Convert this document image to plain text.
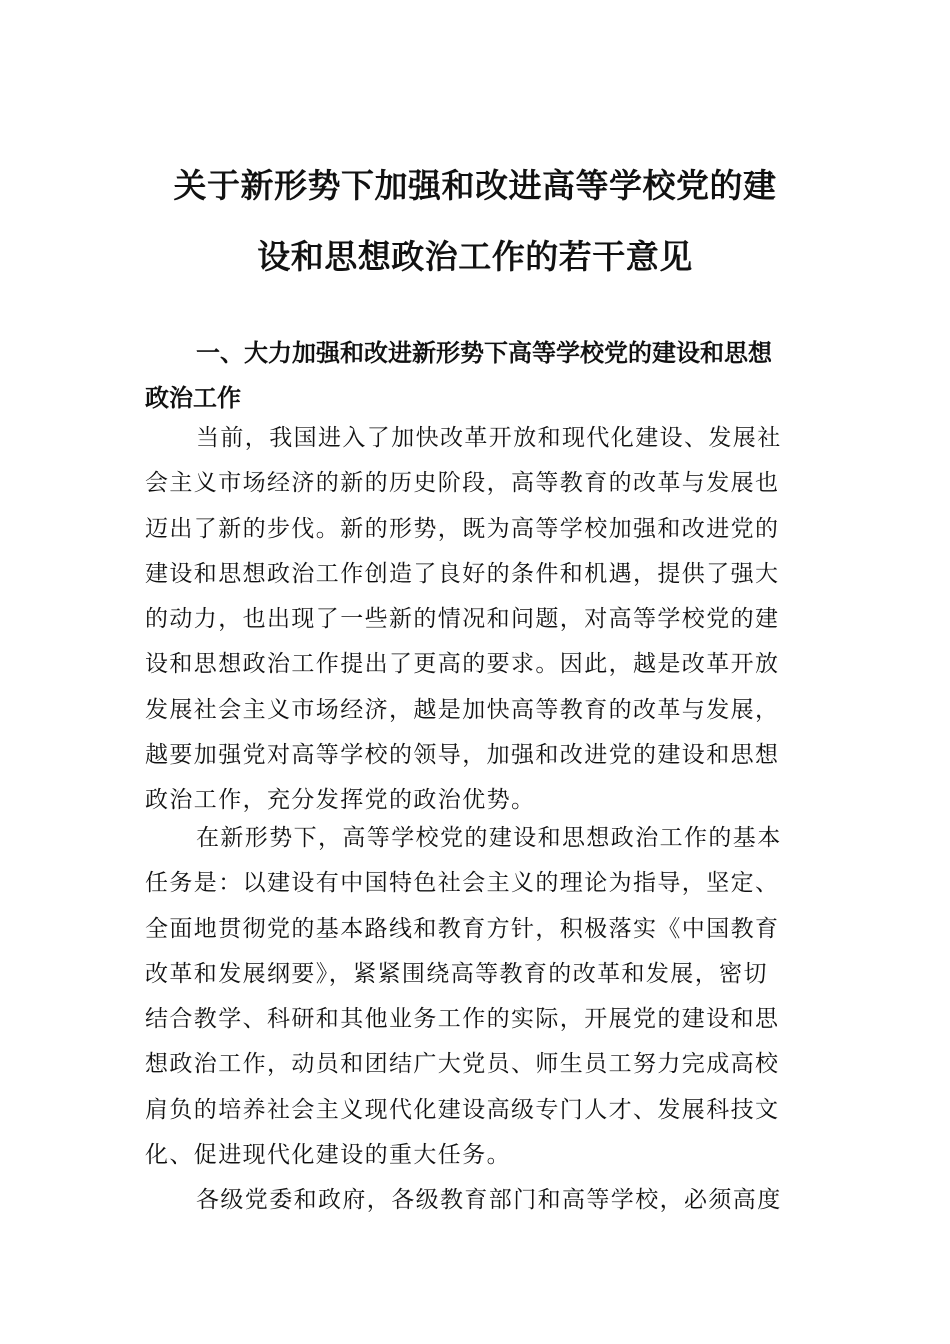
关于新形势下加强和改进高等学校党的建
设和思想政治工作的若干意见
一、大力加强和改进新形势下高等学校党的建设和思想
政治工作
当前，我国进入了加快改革开放和现代化建设、发展社
会主义市场经济的新的历史阶段，高等教育的改革与发展也
迈出了新的步伐。新的形势，既为高等学校加强和改进党的
建设和思想政治工作创造了良好的条件和机遇，提供了强大
的动力，也出现了一些新的情况和问题，对高等学校党的建
设和思想政治工作提出了更高的要求。因此，越是改革开放
发展社会主义市场经济，越是加快高等教育的改革与发展，
越要加强党对高等学校的领导，加强和改进党的建设和思想
政治工作，充分发挥党的政治优势。
在新形势下，高等学校党的建设和思想政治工作的基本
任务是：以建设有中国特色社会主义的理论为指导，坚定、
全面地贯彻党的基本路线和教育方针，积极落实《中国教育
改革和发展纲要》，紧紧围绕高等教育的改革和发展，密切
结合教学、科研和其他业务工作的实际，开展党的建设和思
想政治工作，动员和团结广大党员、师生员工努力完成高校
肩负的培养社会主义现代化建设高级专门人才、发展科技文
化、促进现代化建设的重大任务。
各级党委和政府，各级教育部门和高等学校，必须高度
